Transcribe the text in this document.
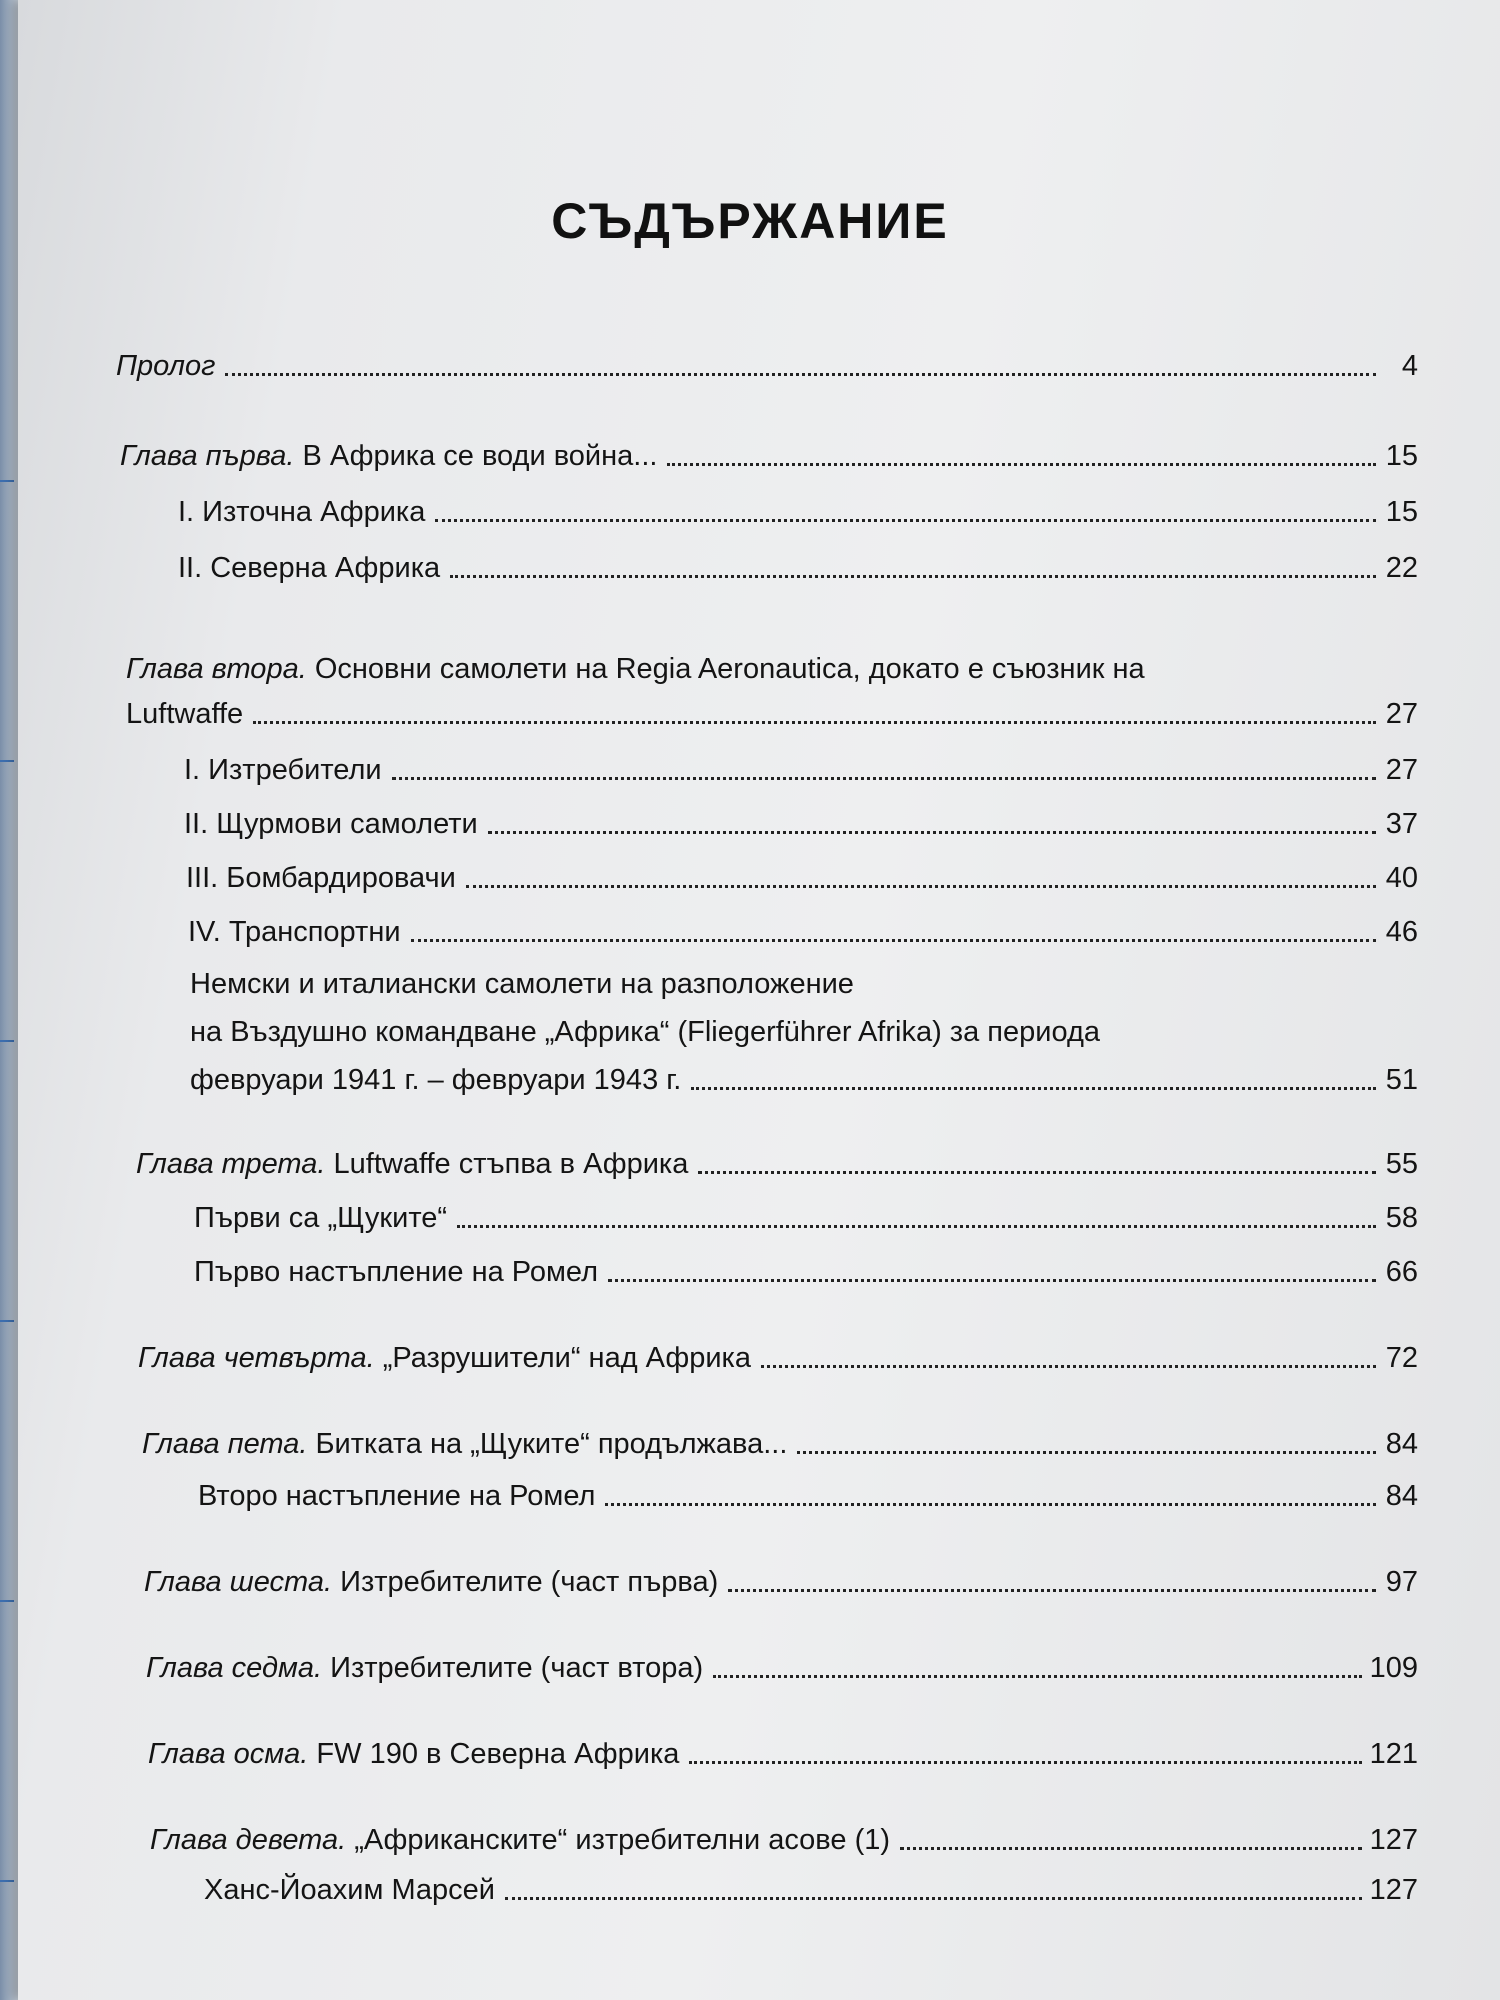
СЪДЪРЖАНИЕ
Пролог	4
Глава първа. В Африка се води война...	15
I. Източна Африка	15
II. Северна Африка	22
Глава втора. Основни самолети на Regia Aeronautica, докато е съюзник на
Luftwaffe	27
I. Изтребители	27
II. Щурмови самолети	37
III. Бомбардировачи	40
IV. Транспортни	46
Немски и италиански самолети на разположение
на Въздушно командване „Африка“ (Fliegerführer Afrika) за периода
февруари 1941 г. – февруари 1943 г.	51
Глава трета. Luftwaffe стъпва в Африка	55
Първи са „Щуките“	58
Първо настъпление на Ромел	66
Глава четвърта. „Разрушители“ над Африка	72
Глава пета. Битката на „Щуките“ продължава...	84
Второ настъпление на Ромел	84
Глава шеста. Изтребителите (част първа)	97
Глава седма. Изтребителите (част втора)	109
Глава осма. FW 190 в Северна Африка	121
Глава девета. „Африканските“ изтребителни асове (1)	127
Ханс-Йоахим Марсей	127
